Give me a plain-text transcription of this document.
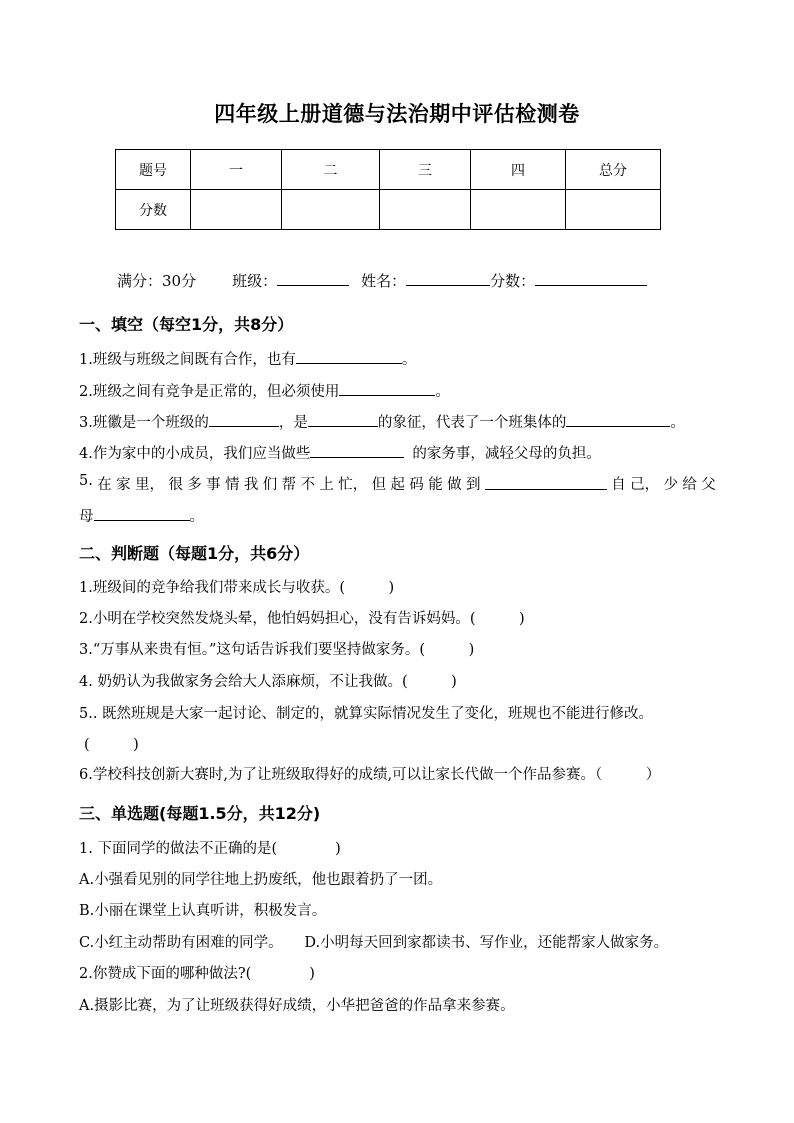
四年级上册道德与法治期中评估检测卷
题号	一	二	三	四	总分
分数					
满分：30分 班级：	姓名：	分数：
一、填空（每空1分，共8分）
1.班级与班级之间既有合作，也有	。
2.班级之间有竞争是正常的，但必须使用	。
3.班徽是一个班级的	，是	的象征，代表了一个班集体的	。
4.作为家中的小成员，我们应当做些	的家务事，减轻父母的负担。
5. 在 家 里， 很 多 事 情 我 们 帮 不 上 忙， 但 起 码 能 做 到	自 己， 少 给 父
母	。
二、判断题（每题1分，共6分）
1.班级间的竞争给我们带来成长与收获。(　　　)
2.小明在学校突然发烧头晕，他怕妈妈担心，没有告诉妈妈。(　　　)
3.“万事从来贵有恒。”这句话告诉我们要坚持做家务。(　　　)
4. 奶奶认为我做家务会给大人添麻烦，不让我做。(　　　)
5.. 既然班规是大家一起讨论、制定的，就算实际情况发生了变化，班规也不能进行修改。
(　　　)
6.学校科技创新大赛时,为了让班级取得好的成绩,可以让家长代做一个作品参赛。（　　　）
三、单选题(每题1.5分，共12分)
1. 下面同学的做法不正确的是(　　　　)
A.小强看见别的同学往地上扔废纸，他也跟着扔了一团。
B.小丽在课堂上认真听讲，积极发言。
C.小红主动帮助有困难的同学。　　D.小明每天回到家都读书、写作业，还能帮家人做家务。
2.你赞成下面的哪种做法?(　　　　)
A.摄影比赛，为了让班级获得好成绩，小华把爸爸的作品拿来参赛。
